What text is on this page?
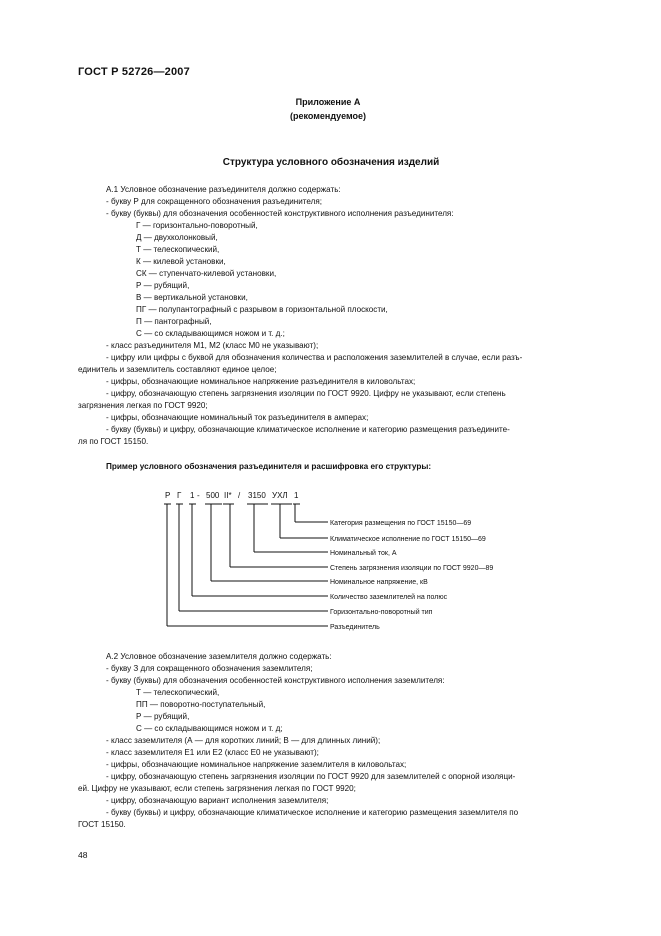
ГОСТ Р 52726—2007
Приложение А
(рекомендуемое)
Структура условного обозначения изделий

А.1 Условное обозначение разъединителя должно содержать:

- букву Р для сокращенного обозначения разъединителя;

- букву (буквы) для обозначения особенностей конструктивного исполнения разъединителя:

Г — горизонтально-поворотный,

Д — двухколонковый,

Т — телескопический,

К — килевой установки,

СК — ступенчато-килевой установки,

Р — рубящий,

В — вертикальной установки,

ПГ — полупантографный с разрывом в горизонтальной плоскости,

П — пантографный,

С — со складывающимся ножом и т. д.;

- класс разъединителя М1, М2 (класс М0 не указывают);

- цифру или цифры с буквой для обозначения количества и расположения заземлителей в случае, если разъ-

единитель и заземлитель составляют единое целое;

- цифры, обозначающие номинальное напряжение разъединителя в киловольтах;

- цифру, обозначающую степень загрязнения изоляции по ГОСТ 9920. Цифру не указывают, если степень

загрязнения легкая по ГОСТ 9920;

- цифры, обозначающие номинальный ток разъединителя в амперах;

- букву (буквы) и цифру, обозначающие климатическое исполнение и категорию размещения разъедините-

ля по ГОСТ 15150.

Пример условного обозначения разъединителя и расшифровка его структуры:
Р Г 1 - 500 II* / 3150 УХЛ 1
Категория размещения по ГОСТ 15150—69
Климатическое исполнение по ГОСТ 15150—69
Номинальный ток, А
Степень загрязнения изоляции по ГОСТ 9920—89
Номинальное напряжение, кВ
Количество заземлителей на полюс
Горизонтально-поворотный тип
Разъединитель

А.2 Условное обозначение заземлителя должно содержать:

- букву З для сокращенного обозначения заземлителя;

- букву (буквы) для обозначения особенностей конструктивного исполнения заземлителя:

Т — телескопический,

ПП — поворотно-поступательный,

Р — рубящий,

С — со складывающимся ножом и т. д;

- класс заземлителя (А — для коротких линий; В — для длинных линий);

- класс заземлителя Е1 или Е2 (класс Е0 не указывают);

- цифры, обозначающие номинальное напряжение заземлителя в киловольтах;

- цифру, обозначающую степень загрязнения изоляции по ГОСТ 9920 для заземлителей с опорной изоляци-

ей. Цифру не указывают, если степень загрязнения легкая по ГОСТ 9920;

- цифру, обозначающую вариант исполнения заземлителя;

- букву (буквы) и цифру, обозначающие климатическое исполнение и категорию размещения заземлителя по

ГОСТ 15150.

48
